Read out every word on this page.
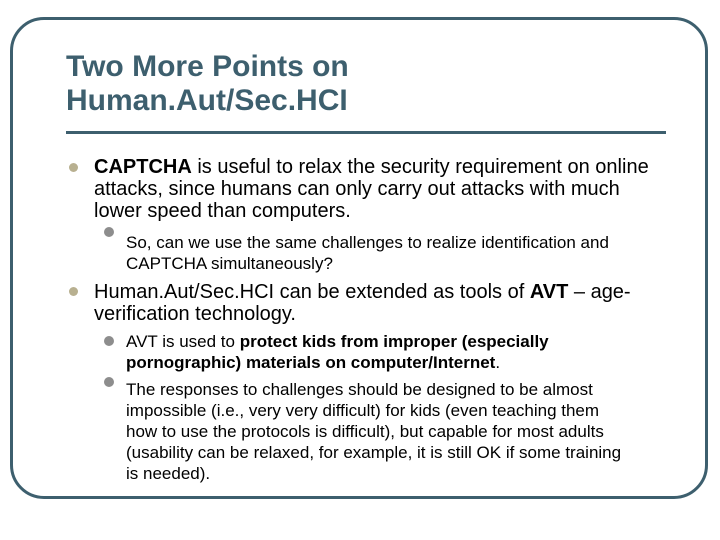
Two More Points on
Human.Aut/Sec.HCI

CAPTCHA is useful to relax the security requirement on online attacks, since humans can only carry out attacks with much lower speed than computers.

So, can we use the same challenges to realize identification and CAPTCHA simultaneously?

Human.Aut/Sec.HCI can be extended as tools of AVT – age-verification technology.

AVT is used to protect kids from improper (especially pornographic) materials on computer/Internet.

The responses to challenges should be designed to be almost impossible (i.e., very very difficult) for kids (even teaching them how to use the protocols is difficult), but capable for most adults (usability can be relaxed, for example, it is still OK if some training is needed).
